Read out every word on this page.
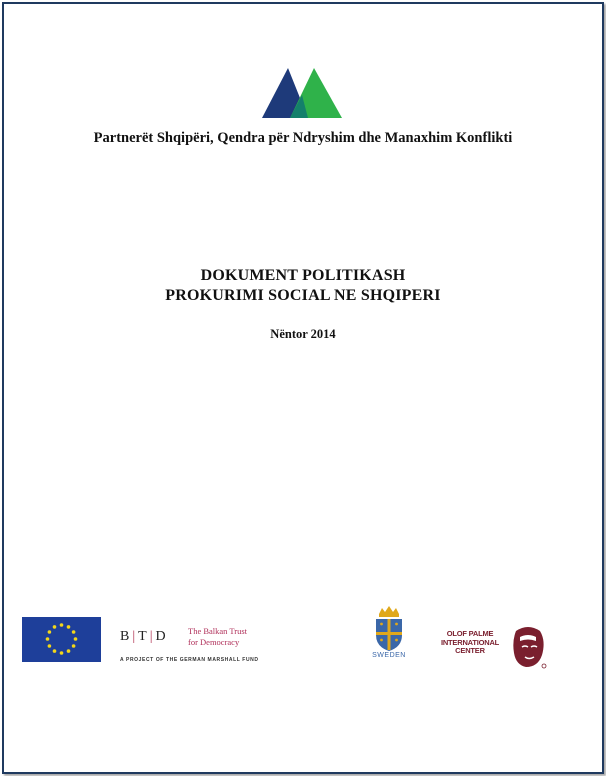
Partnerët Shqipëri, Qendra për Ndryshim dhe Manaxhim Konflikti
DOKUMENT POLITIKASH
PROKURIMI SOCIAL NE SHQIPERI
Nëntor 2014
B | T | D	The Balkan Trust
for Democracy
A PROJECT OF THE GERMAN MARSHALL FUND
SWEDEN
OLOF PALME
INTERNATIONAL
CENTER
